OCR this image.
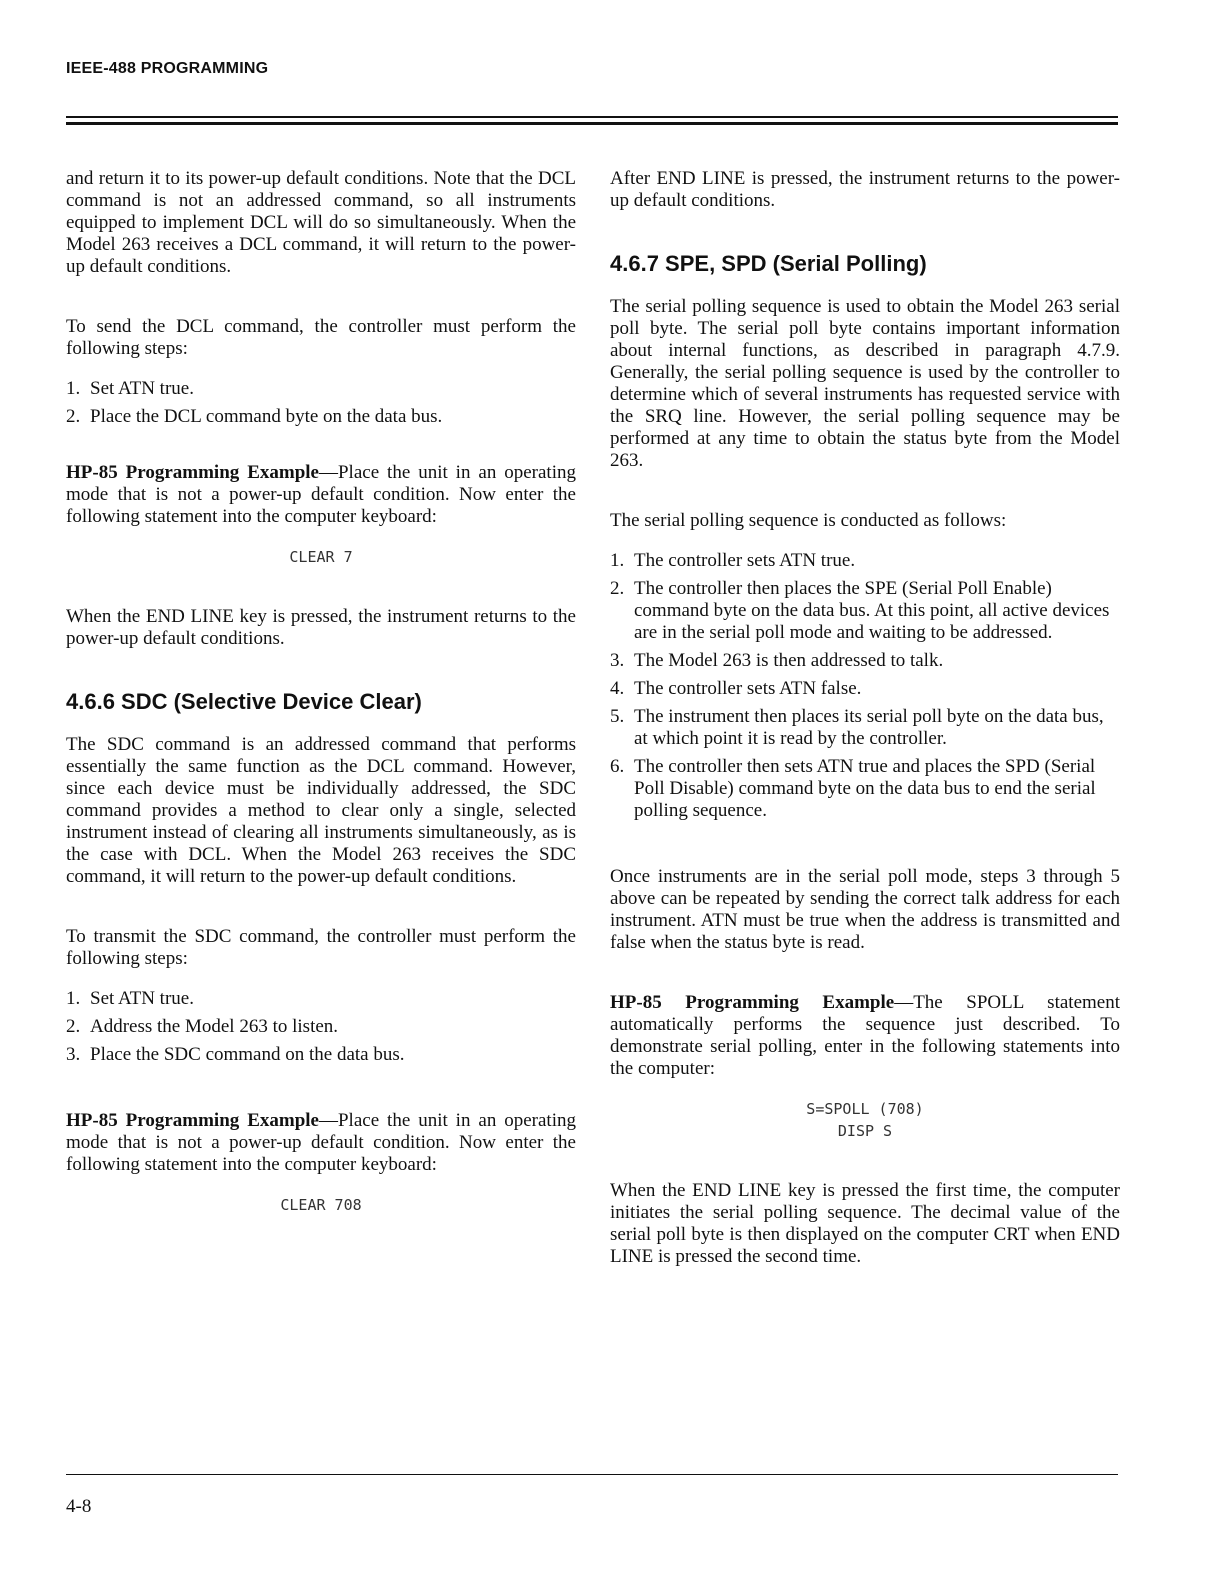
IEEE-488 PROGRAMMING

and return it to its power-up default conditions. Note that the DCL command is not an addressed command, so all instruments equipped to implement DCL will do so simultaneously. When the Model 263 receives a DCL command, it will return to the power-up default conditions.

To send the DCL command, the controller must perform the following steps:

1. Set ATN true.
2. Place the DCL command byte on the data bus.

HP-85 Programming Example—Place the unit in an operating mode that is not a power-up default condition. Now enter the following statement into the computer keyboard:

CLEAR 7

When the END LINE key is pressed, the instrument returns to the power-up default conditions.

4.6.6 SDC (Selective Device Clear)

The SDC command is an addressed command that performs essentially the same function as the DCL command. However, since each device must be individually addressed, the SDC command provides a method to clear only a single, selected instrument instead of clearing all instruments simultaneously, as is the case with DCL. When the Model 263 receives the SDC command, it will return to the power-up default conditions.

To transmit the SDC command, the controller must perform the following steps:

1. Set ATN true.
2. Address the Model 263 to listen.
3. Place the SDC command on the data bus.

HP-85 Programming Example—Place the unit in an operating mode that is not a power-up default condition. Now enter the following statement into the computer keyboard:

CLEAR 708

After END LINE is pressed, the instrument returns to the power-up default conditions.

4.6.7 SPE, SPD (Serial Polling)

The serial polling sequence is used to obtain the Model 263 serial poll byte. The serial poll byte contains important information about internal functions, as described in paragraph 4.7.9. Generally, the serial polling sequence is used by the controller to determine which of several instruments has requested service with the SRQ line. However, the serial polling sequence may be performed at any time to obtain the status byte from the Model 263.

The serial polling sequence is conducted as follows:

1. The controller sets ATN true.
2. The controller then places the SPE (Serial Poll Enable) command byte on the data bus. At this point, all active devices are in the serial poll mode and waiting to be addressed.
3. The Model 263 is then addressed to talk.
4. The controller sets ATN false.
5. The instrument then places its serial poll byte on the data bus, at which point it is read by the controller.
6. The controller then sets ATN true and places the SPD (Serial Poll Disable) command byte on the data bus to end the serial polling sequence.

Once instruments are in the serial poll mode, steps 3 through 5 above can be repeated by sending the correct talk address for each instrument. ATN must be true when the address is transmitted and false when the status byte is read.

HP-85 Programming Example—The SPOLL statement automatically performs the sequence just described. To demonstrate serial polling, enter in the following statements into the computer:

S=SPOLL (708)
DISP S

When the END LINE key is pressed the first time, the computer initiates the serial polling sequence. The decimal value of the serial poll byte is then displayed on the computer CRT when END LINE is pressed the second time.

4-8
